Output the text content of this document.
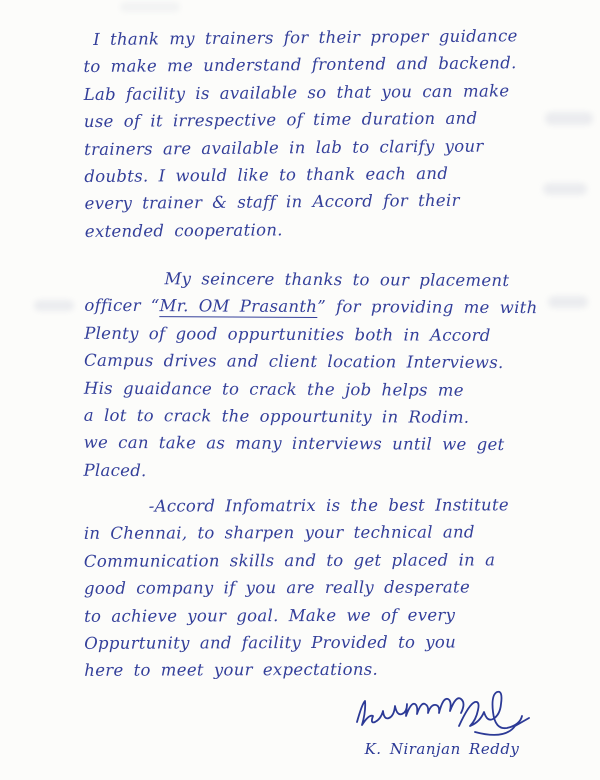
I thank my trainers for their proper guidance
to make me understand frontend and backend.
Lab facility is available so that you can make
use of it irrespective of time duration and
trainers are available in lab to clarify your
doubts. I would like to thank each and
every trainer & staff in Accord for their
extended cooperation.
My seincere thanks to our placement
officer “Mr. OM Prasanth” for providing me with
Plenty of good oppurtunities both in Accord
Campus drives and client location Interviews.
His guaidance to crack the job helps me
a lot to crack the oppourtunity in Rodim.
we can take as many interviews until we get
Placed.
-Accord Infomatrix is the best Institute
in Chennai, to sharpen your technical and
Communication skills and to get placed in a
good company if you are really desperate
to achieve your goal. Make we of every
Oppurtunity and facility Provided to you
here to meet your expectations.
K. Niranjan Reddy
